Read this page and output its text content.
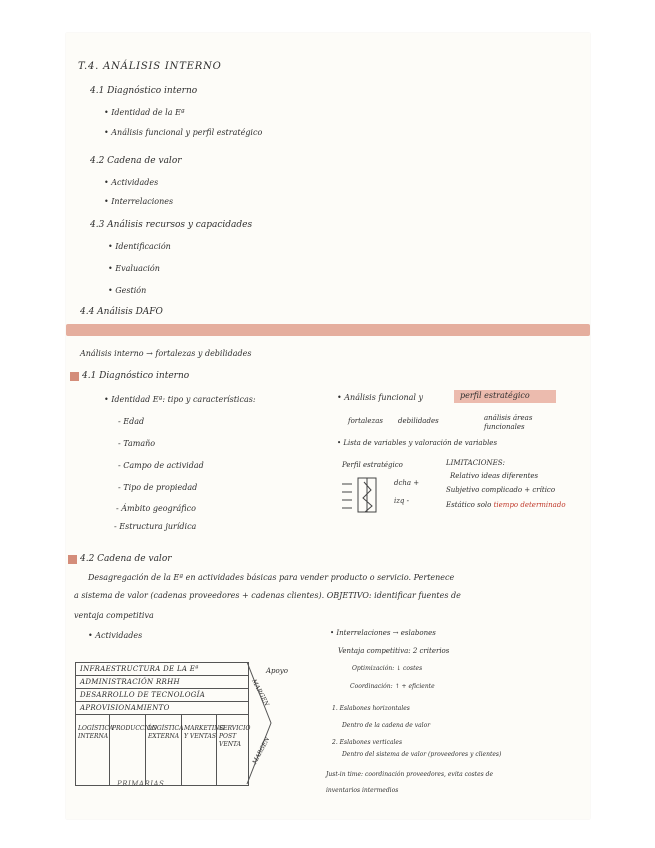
T.4. ANÁLISIS INTERNO
4.1 Diagnóstico interno
• Identidad de la Eª
• Análisis funcional y perfil estratégico
4.2 Cadena de valor
• Actividades
• Interrelaciones
4.3 Análisis recursos y capacidades
• Identificación
• Evaluación
• Gestión
4.4 Análisis DAFO
Análisis interno → fortalezas y debilidades
4.1 Diagnóstico interno
• Identidad Eª: tipo y características:
- Edad
- Tamaño
- Campo de actividad
- Tipo de propiedad
- Ámbito geográfico
- Estructura jurídica
• Análisis funcional y	perfil estratégico
fortalezas debilidades	análisis áreas funcionales
• Lista de variables y valoración de variables
Perfil estratégico
dcha +
izq -
LIMITACIONES:
Relativo ideas diferentes
Subjetivo complicado + crítico
Estático solo tiempo determinado
4.2 Cadena de valor
Desagregación de la Eª en actividades básicas para vender producto o servicio. Pertenece
a sistema de valor (cadenas proveedores + cadenas clientes). OBJETIVO: identificar fuentes de
ventaja competitiva
• Actividades	• Interrelaciones → eslabones
Ventaja competitiva: 2 criterios
Optimización: ↓ costes
Coordinación: ↑ + eficiente
1. Eslabones horizontales
Dentro de la cadena de valor
2. Eslabones verticales
Dentro del sistema de valor (proveedores y clientes)
Just-in time: coordinación proveedores, evita costes de
inventarios intermedios
INFRAESTRUCTURA DE LA Eª
ADMINISTRACIÓN RRHH
DESARROLLO DE TECNOLOGÍA
APROVISIONAMIENTO
LOGÍSTICA INTERNA
PRODUCCIÓN
LOGÍSTICA EXTERNA
MARKETING Y VENTAS
SERVICIO POST VENTA
MARGEN
MARGEN
PRIMARIAS
Apoyo
